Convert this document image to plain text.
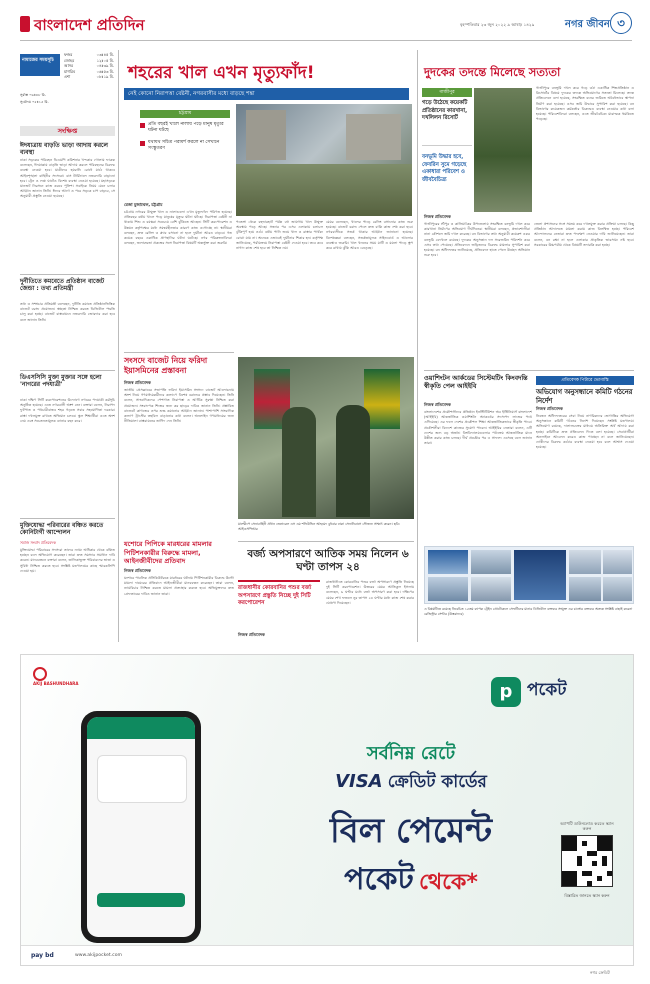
বাংলাদেশ প্রতিদিন	বৃহস্পতিবার ২৩ জুন ২০২২ ৯ আষাঢ় ১৪২৯	নগর জীবন ৩
নামাজের সময়সূচি
ফজর	০৩ঃ৪৫ মি.
জোহর	১২ঃ০৫ মি.
আসর	০৪ঃ৩৯ মি.
মাগরিব	০৬ঃ৫৩ মি.
এশা	০৮ঃ১৯ মি.
সূর্যাস্ত ০৬ঃ৪৮ মি.
সূর্যোদয় ০৫ঃ১৫ মি.
সংক্ষিপ্ত
ঈদযাত্রায় বাড়তি ভাড়া আদায় করলে ব্যবস্থা
ঢাকা সড়কের পরিবহন ডিএমপি কমিশনার খন্দকার গোলাম ফারুক বলেছেন, ঈদযাত্রায় বাড়তি ভাড়া আদায় করলে পরিবহনের বিরুদ্ধে ব্যবস্থা নেওয়া হবে। যাত্রীদের হয়রানি রোধে মাঠে থাকবে আইনশৃঙ্খলা বাহিনীর সদস্যরা। বাস টার্মিনালে নজরদারি বাড়ানো হবে। ট্রেন ও লঞ্চ ঘাটেও বিশেষ ব্যবস্থা নেওয়া হয়েছে। মহাসড়কে যানজট নিরসনে কাজ করবে পুলিশ। সবাইকে নিয়ম মেনে চলার আহ্বান জানান তিনি। ঈদের আগে ও পরে সড়কে চাপ বাড়বে, সে অনুযায়ী প্রস্তুতি নেওয়া হয়েছে।
দুর্নীতিতে কমবেতে প্রতিষ্ঠান বাজেট জেন্ডা : তথ্য প্রতিমন্ত্রী
তথ্য ও সম্প্রচার প্রতিমন্ত্রী বলেছেন, দুর্নীতি কমাতে প্রতিষ্ঠানভিত্তিক বাজেট বরাদ্দ প্রয়োজন। স্বচ্ছতা নিশ্চিত করতে ডিজিটাল পদ্ধতি চালু করা হচ্ছে। বাজেট বাস্তবায়নে নজরদারি জোরদার করা হবে বলে জানান তিনি।
ডিএসসিসি মুক্তা মুক্তার সঙ্গে হলো 'নাগরের পদযাত্রী'
ঢাকা দক্ষিণ সিটি করপোরেশনের উদ্যোগে নগরের পদযাত্রী কর্মসূচি অনুষ্ঠিত হয়েছে। এতে নগরবাসী অংশ নেন। বক্তারা বলেন, নিরাপদ ফুটপাত ও পথচারীবান্ধব শহর গড়তে সবার সহযোগিতা দরকার। রাস্তা দখলমুক্ত রাখতে অভিযান চলবে। স্কুল শিক্ষার্থীরা এতে অংশ নেয় এবং সচেতনতামূলক ব্যানার বহন করে।
মুক্তিযোদ্ধা পরিবারের বঞ্চিত করতে কোনিটার্গী আন্দোলন
সমাজ সংবাদ প্রতিবেদক
মুক্তিযোদ্ধা পরিবারের সদস্যরা তাদের ন্যায্য অধিকার থেকে বঞ্চিত হচ্ছেন বলে অভিযোগ করেছেন। তারা দ্রুত সমস্যার সমাধান দাবি করেন। মানববন্ধনে বক্তারা বলেন, তালিকাভুক্ত পরিবারদের ভাতা ও সুবিধা নিশ্চিত করতে হবে। সংশ্লিষ্ট মন্ত্রণালয়ের কাছে স্মারকলিপি দেওয়া হয়।
শহরের খাল এখন মৃত্যুফাঁদ!
নেই কোনো নিরাপত্তা বেষ্টনী, নগরবাসীর মধ্যে বাড়ছে শঙ্কা
চট্টগ্রাম
প্রতি বছরই খালে নালায় পড়ে মানুষ মৃত্যুর ঘটনা ঘটছে
যথাযথ সচিত্র পরামর্শ করলে না সেখানে সংস্কুতরণ
রেজা মুজাম্মেল, চট্টগ্রাম
চট্টগ্রাম নগরের উন্মুক্ত খাল ও নালাগুলো এখন মৃত্যুফাঁদে পরিণত হয়েছে। প্রতিবছর বর্ষায় খালে পড়ে মানুষের মৃত্যুর ঘটনা ঘটছে। নিরাপত্তা বেষ্টনী না থাকায় শিশু ও বয়স্করা সবচেয়ে বেশি ঝুঁকিতে আছেন। সিটি করপোরেশন ও উন্নয়ন কর্তৃপক্ষের মধ্যে সমন্বয়হীনতার কারণে কাজ এগোচ্ছে না। স্থানীয়রা বলছেন, দ্রুত রেলিং ও স্ল্যাব বসানো না হলে দুর্ঘটনা আরও বাড়বে। গত কয়েক বছরে একাধিক প্রাণহানির ঘটনা ঘটেছে। নগর পরিকল্পনাবিদরা বলছেন, জলাবদ্ধতা প্রকল্পের সঙ্গে নিরাপত্তা বিষয়টি অন্তর্ভুক্ত করা জরুরি।
পতেঙ্গা থেকে বহদ্দারহাট পর্যন্ত বহু জায়গায় খাল উন্মুক্ত অবস্থায় পড়ে আছে। সন্ধ্যার পর এসব এলাকায় চলাচল ঝুঁকিপূর্ণ হয়ে ওঠে। বর্ষায় পানি জমে খাল ও রাস্তার পার্থক্য বোঝা যায় না। অনেকে এভাবেই দুর্ঘটনার শিকার হন। কর্তৃপক্ষ জানিয়েছে, পর্যায়ক্রমে নিরাপত্তা বেষ্টনী দেওয়া হবে। তবে কবে নাগাদ কাজ শেষ হবে তা নিশ্চিত নয়।
মেয়র বলেছেন, খালের পাড়ে রেলিং বসানোর কাজ শুরু হয়েছে। বাজেট বরাদ্দ পেলে দ্রুত বাকি কাজ শেষ করা হবে। নগরবাসীকে সতর্ক থাকার আহ্বান জানানো হয়েছে। বিশেষজ্ঞরা বলছেন, সতর্কতামূলক সাইনবোর্ড ও আলোর ব্যবস্থাও জরুরি। খাল খননের সময় মাটি ও ময়লা পাড়ে স্তূপ করে রাখায় ঝুঁকি আরও বেড়েছে।
সংসদে বাজেট নিয়ে ফরিদা ইয়াসমিনের প্রস্তাবনা
নিজস্ব প্রতিবেদক
জাতীয় প্রেসক্লাবের সভাপতি ফরিদা ইয়াসমিন সংসদে বাজেট আলোচনায় অংশ নিয়ে গণমাধ্যমকর্মীদের কল্যাণে বিশেষ বরাদ্দের প্রস্তাব দিয়েছেন। তিনি বলেন, সাংবাদিকদের পেশাগত নিরাপত্তা ও আর্থিক সুরক্ষা নিশ্চিত করা প্রয়োজন। সংবাদপত্র শিল্পের জন্য কর ছাড়ের দাবিও জানান তিনি। প্রস্তাবিত বাজেটে কাগজের ওপর শুল্ক কমানোর আহ্বান জানান। পাশাপাশি সাংবাদিক কল্যাণ ট্রাস্টের তহবিল বাড়ানোর কথা বলেন। অনলাইন গণমাধ্যমের জন্য নীতিমালা বাস্তবায়নের তাগিদ দেন তিনি।
মালদ্বীপে সেনাবাহিনী প্রধান জেনারেল এস এম শফিউদ্দিন আহমেদ বুধবার ঢাকা সেনানিবাসে সৌজন্য সাক্ষাৎ করেন। ছবি: আইএসপিআর
যশোরে পিপিকে মারধরের মামলার পিটিশনকারীর বিরুদ্ধে মামলা, আইনজীবীদের প্রতিবাদ
নিজস্ব প্রতিবেদক
যশোরে পাবলিক প্রসিকিউটরকে মারধরের ঘটনায় পিটিশনকারীর বিরুদ্ধে উল্টো মামলা দায়েরের প্রতিবাদে আইনজীবীরা মানববন্ধন করেছেন। তারা বলেন, ন্যায়বিচার নিশ্চিত করতে মামলা প্রত্যাহার করতে হবে। অভিযুক্তদের দ্রুত গ্রেফতারের দাবিও জানান তারা।
বর্জ্য অপসারণে আতিক সময় নিলেন ৬ ঘণ্টা তাপস ২৪
রাজধানীর কোরবানির পশুর বর্জ্য অপসারণে প্রস্তুতি নিচ্ছে দুই সিটি করপোরেশন
নিজস্ব প্রতিবেদক
রাজধানীতে কোরবানির পশুর বর্জ্য অপসারণে প্রস্তুতি নিয়েছে দুই সিটি করপোরেশন। উত্তরের মেয়র আতিকুল ইসলাম বলেছেন, ৬ ঘণ্টার মধ্যে বর্জ্য অপসারণ করা হবে। দক্ষিণের মেয়র শেখ ফজলে নূর তাপস ২৪ ঘণ্টার মধ্যে কাজ শেষ করার ঘোষণা দিয়েছেন।
দুদকের তদন্তে মিলেছে সত্যতা
গাজীপুর
গড়ে উঠেছে কয়েকটি প্রতিষ্ঠানের কারখানা, দখলিলন রিসোর্ট
বনভূমি উদ্ধার হবে, ফেবরিন সুমে গড়েছে একাধারা পরিবেশ ও জীববৈচিত্র্য
গাজীপুরে বনভূমি দখল করে গড়ে ওঠা একাধিক শিল্পপ্রতিষ্ঠান ও রিসোর্টের বিষয়ে দুদকের তদন্তে অভিযোগের সত্যতা মিলেছে। তদন্ত প্রতিবেদনে বলা হয়েছে, সংরক্ষিত বনের জমিতে অবৈধভাবে স্থাপনা নির্মাণ করা হয়েছে। এসব জমি উদ্ধারে সুপারিশ করা হয়েছে। বন বিভাগের কয়েকজন কর্মকর্তার বিরুদ্ধেও ব্যবস্থা নেওয়ার কথা বলা হয়েছে। পরিবেশবিদরা বলছেন, এতে জীববৈচিত্র্য মারাত্মক হুমকিতে পড়েছে।
নিজস্ব প্রতিবেদক
গাজীপুরের শ্রীপুর ও কালিয়াকৈর উপজেলায় সংরক্ষিত বনভূমি দখল করে কারখানা নির্মাণের অভিযোগ দীর্ঘদিনের। স্থানীয়রা বলছেন, প্রভাবশালীরা নানা কৌশলে জমি দখল করেছে। বন বিভাগের তথ্য অনুযায়ী কয়েকশ একর বনভূমি বেদখলে রয়েছে। দুদকের অনুসন্ধান দল সরেজমিন পরিদর্শন করে এসব তথ্য পেয়েছে। প্রতিবেদনে জড়িতদের বিরুদ্ধে মামলার সুপারিশ করা হয়েছে। বন অধিদফতর জানিয়েছে, প্রতিবেদন হাতে পেলে উচ্ছেদ অভিযান শুরু হবে।
জেলা প্রশাসনের সঙ্গে সমন্বয় করে দখলমুক্ত করার প্রক্রিয়া চলছে। কিছু প্রতিষ্ঠান আদালতে মামলা করায় কাজ বিলম্বিত হচ্ছে। পরিবেশ আন্দোলনের নেতারা দ্রুত পদক্ষেপ নেওয়ার দাবি জানিয়েছেন। তারা বলেন, বন রক্ষা না হলে এলাকার প্রাকৃতিক ভারসাম্য নষ্ট হবে। সরকারের উচ্চপর্যায় থেকে বিষয়টি তদারকি করা হচ্ছে।
ওয়াশিংটন আর্কডের সিস্টেমটিং কিংবদন্তি স্বীকৃতি পেল আইইবি
নিজস্ব প্রতিবেদক
বাংলাদেশের প্রকৌশলীদের প্রতিষ্ঠান ইনস্টিটিউশন অব ইঞ্জিনিয়ার্স বাংলাদেশ (আইইবি) আন্তর্জাতিক ওয়াশিংটন অ্যাকর্ডের সদস্যপদ লাভের পথে এগিয়েছে। এর ফলে দেশের প্রকৌশল শিক্ষা আন্তর্জাতিকভাবে স্বীকৃতি পাবে। প্রকৌশলীরা বিদেশে কাজের সুযোগ পাবেন। আইইবির নেতারা বলেন, এটি দেশের জন্য বড় অর্জন। বিশ্ববিদ্যালয়গুলোর পাঠ্যক্রম আন্তর্জাতিক মানে উন্নীত করার কাজ চলছে। দীর্ঘ প্রচেষ্টার পর এ সাফল্য এসেছে বলে জানান তারা।
প্রতিবেদক পিটারে ভোগাস্তি
অভিযোগ অনুসন্ধানে কমিটি গঠনের নির্দেশ
নিজস্ব প্রতিবেদক
নিবন্ধন অধিদফতরের সেবা নিয়ে নাগরিকদের ভোগান্তির অভিযোগ অনুসন্ধানে কমিটি গঠনের নির্দেশ দিয়েছেন সংশ্লিষ্ট মন্ত্রণালয়। অভিযোগ রয়েছে, দালালচক্রের মাধ্যমে অতিরিক্ত অর্থ আদায় করা হচ্ছে। কমিটিকে দ্রুত প্রতিবেদন দিতে বলা হয়েছে। সেবাপ্রার্থীরা অনলাইনে আবেদন করেও কাজ পাচ্ছেন না বলে জানিয়েছেন। দোষীদের বিরুদ্ধে কঠোর ব্যবস্থা নেওয়া হবে বলে আশ্বাস দেওয়া হয়েছে।
এ বিষয়টিতে রয়েছে নিবেচিত ১৫তম ব্যাপক ট্রেইন প্রোটোকলে সেফটিনের মানার ডিজিটাল বক্তব্যর সংযুক্ত এর চাঙ্গোর বক্তব্যর অত্যন্ত সংশ্লিষ্ট বাছাই করেনা রেজিস্ট্রার সেন্টার (উত্তরাদের)
AKIJ BASHUNDHARA	p পকেট
সর্বনিম্ন রেটে
VISA ক্রেডিট কার্ডের
বিল পেমেন্ট
পকেট থেকে*
অ্যাপটি ডাউনলোড করতে স্ক্যান করুন
বিস্তারিত জানতে স্ক্যান করুন
pay bd	www.akijpocket.com
নগর ক্রেডিট
